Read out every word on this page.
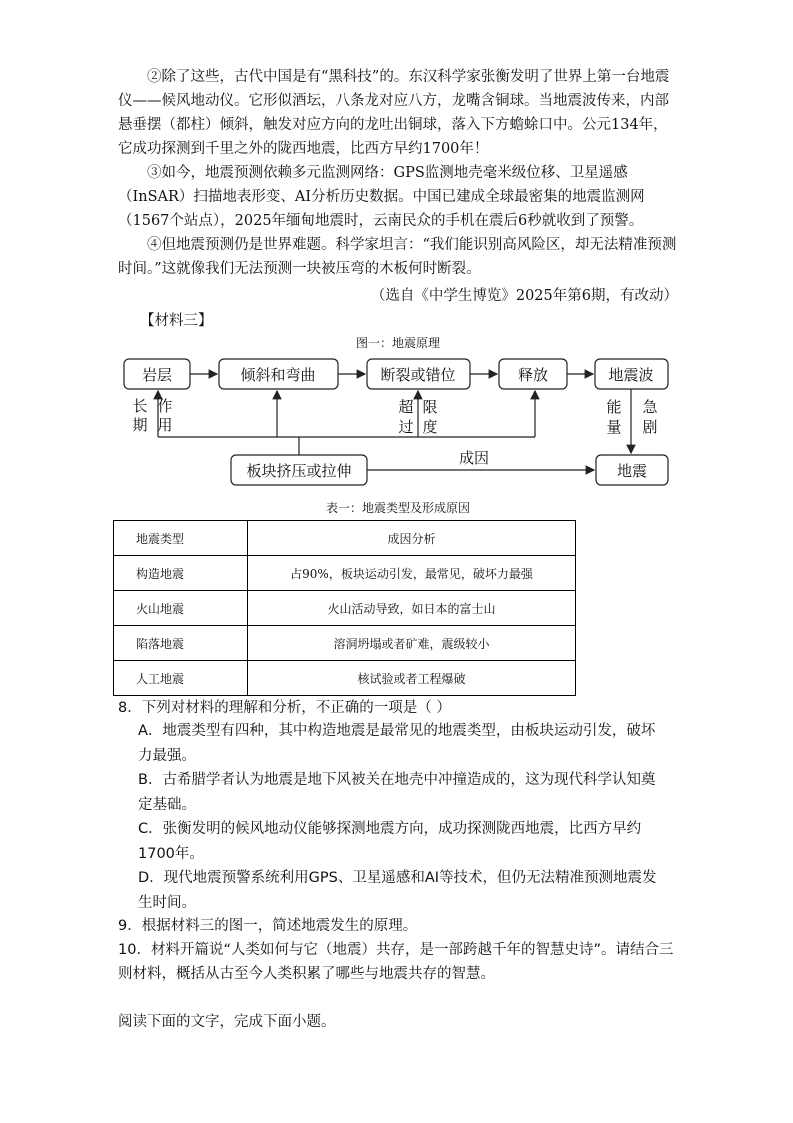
②除了这些，古代中国是有“黑科技”的。东汉科学家张衡发明了世界上第一台地震仪——候风地动仪。它形似酒坛，八条龙对应八方，龙嘴含铜球。当地震波传来，内部悬垂摆（都柱）倾斜，触发对应方向的龙吐出铜球，落入下方蟾蜍口中。公元134年，它成功探测到千里之外的陇西地震，比西方早约1700年！

③如今，地震预测依赖多元监测网络：GPS监测地壳毫米级位移、卫星遥感（InSAR）扫描地表形变、AI分析历史数据。中国已建成全球最密集的地震监测网（1567个站点），2025年缅甸地震时，云南民众的手机在震后6秒就收到了预警。

④但地震预测仍是世界难题。科学家坦言：“我们能识别高风险区，却无法精准预测时间。”这就像我们无法预测一块被压弯的木板何时断裂。

（选自《中学生博览》2025年第6期，有改动）

【材料三】

图一：地震原理
岩层	倾斜和弯曲	断裂或错位	释放	地震波
板块挤压或拉伸	地震
长
期
作
用
超
过
限
度
能
量
急
剧
成因
表一：地震类型及形成原因
地震类型	成因分析
构造地震	占90%，板块运动引发，最常见，破坏力最强
火山地震	火山活动导致，如日本的富士山
陷落地震	溶洞坍塌或者矿难，震级较小
人工地震	核试验或者工程爆破

8．下列对材料的理解和分析，不正确的一项是（ ）

A．地震类型有四种，其中构造地震是最常见的地震类型，由板块运动引发，破坏力最强。

B．古希腊学者认为地震是地下风被关在地壳中冲撞造成的，这为现代科学认知奠定基础。

C．张衡发明的候风地动仪能够探测地震方向，成功探测陇西地震，比西方早约1700年。

D．现代地震预警系统利用GPS、卫星遥感和AI等技术，但仍无法精准预测地震发生时间。

9．根据材料三的图一，简述地震发生的原理。

10．材料开篇说“人类如何与它（地震）共存，是一部跨越千年的智慧史诗”。请结合三则材料，概括从古至今人类积累了哪些与地震共存的智慧。

阅读下面的文字，完成下面小题。
